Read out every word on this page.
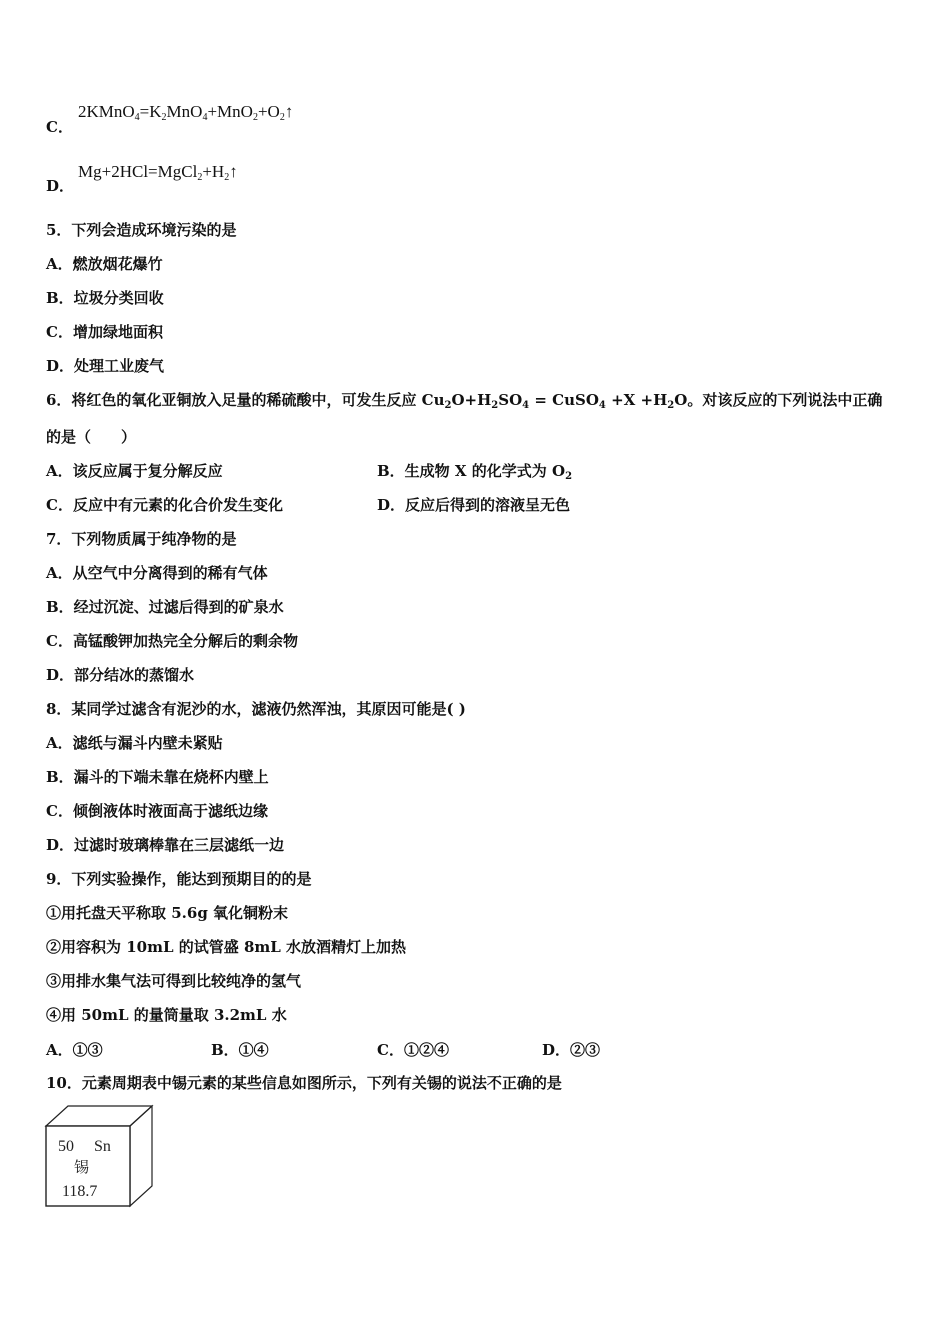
C．
$2KMnO_4=K_2MnO_4+MnO_2+O_2↑$
D．
$Mg+2HCl=MgCl_2+H_2↑$
5．下列会造成环境污染的是
A．燃放烟花爆竹
B．垃圾分类回收
C．增加绿地面积
D．处理工业废气
6．将红色的氧化亚铜放入足量的稀硫酸中，可发生反应 $Cu_2O+H_2SO_4$ = CuSO$_4$ $+X +H_2O$。对该反应的下列说法中正确
的是（　　）
A．该反应属于复分解反应	B．生成物 X 的化学式为 $O_2$
C．反应中有元素的化合价发生变化	D．反应后得到的溶液呈无色
7．下列物质属于纯净物的是
A．从空气中分离得到的稀有气体
B．经过沉淀、过滤后得到的矿泉水
C．高锰酸钾加热完全分解后的剩余物
D．部分结冰的蒸馏水
8．某同学过滤含有泥沙的水，滤液仍然浑浊，其原因可能是( )
A．滤纸与漏斗内壁未紧贴
B．漏斗的下端未靠在烧杯内壁上
C．倾倒液体时液面高于滤纸边缘
D．过滤时玻璃棒靠在三层滤纸一边
9．下列实验操作，能达到预期目的的是
①用托盘天平称取 5.6g 氧化铜粉末
②用容积为 10mL 的试管盛 8mL 水放酒精灯上加热
③用排水集气法可得到比较纯净的氢气
④用 50mL 的量筒量取 3.2mL 水
A．①③	B．①④	C．①②④	D．②③
10．元素周期表中锡元素的某些信息如图所示，下列有关锡的说法不正确的是
50 Sn
锡
118.7
